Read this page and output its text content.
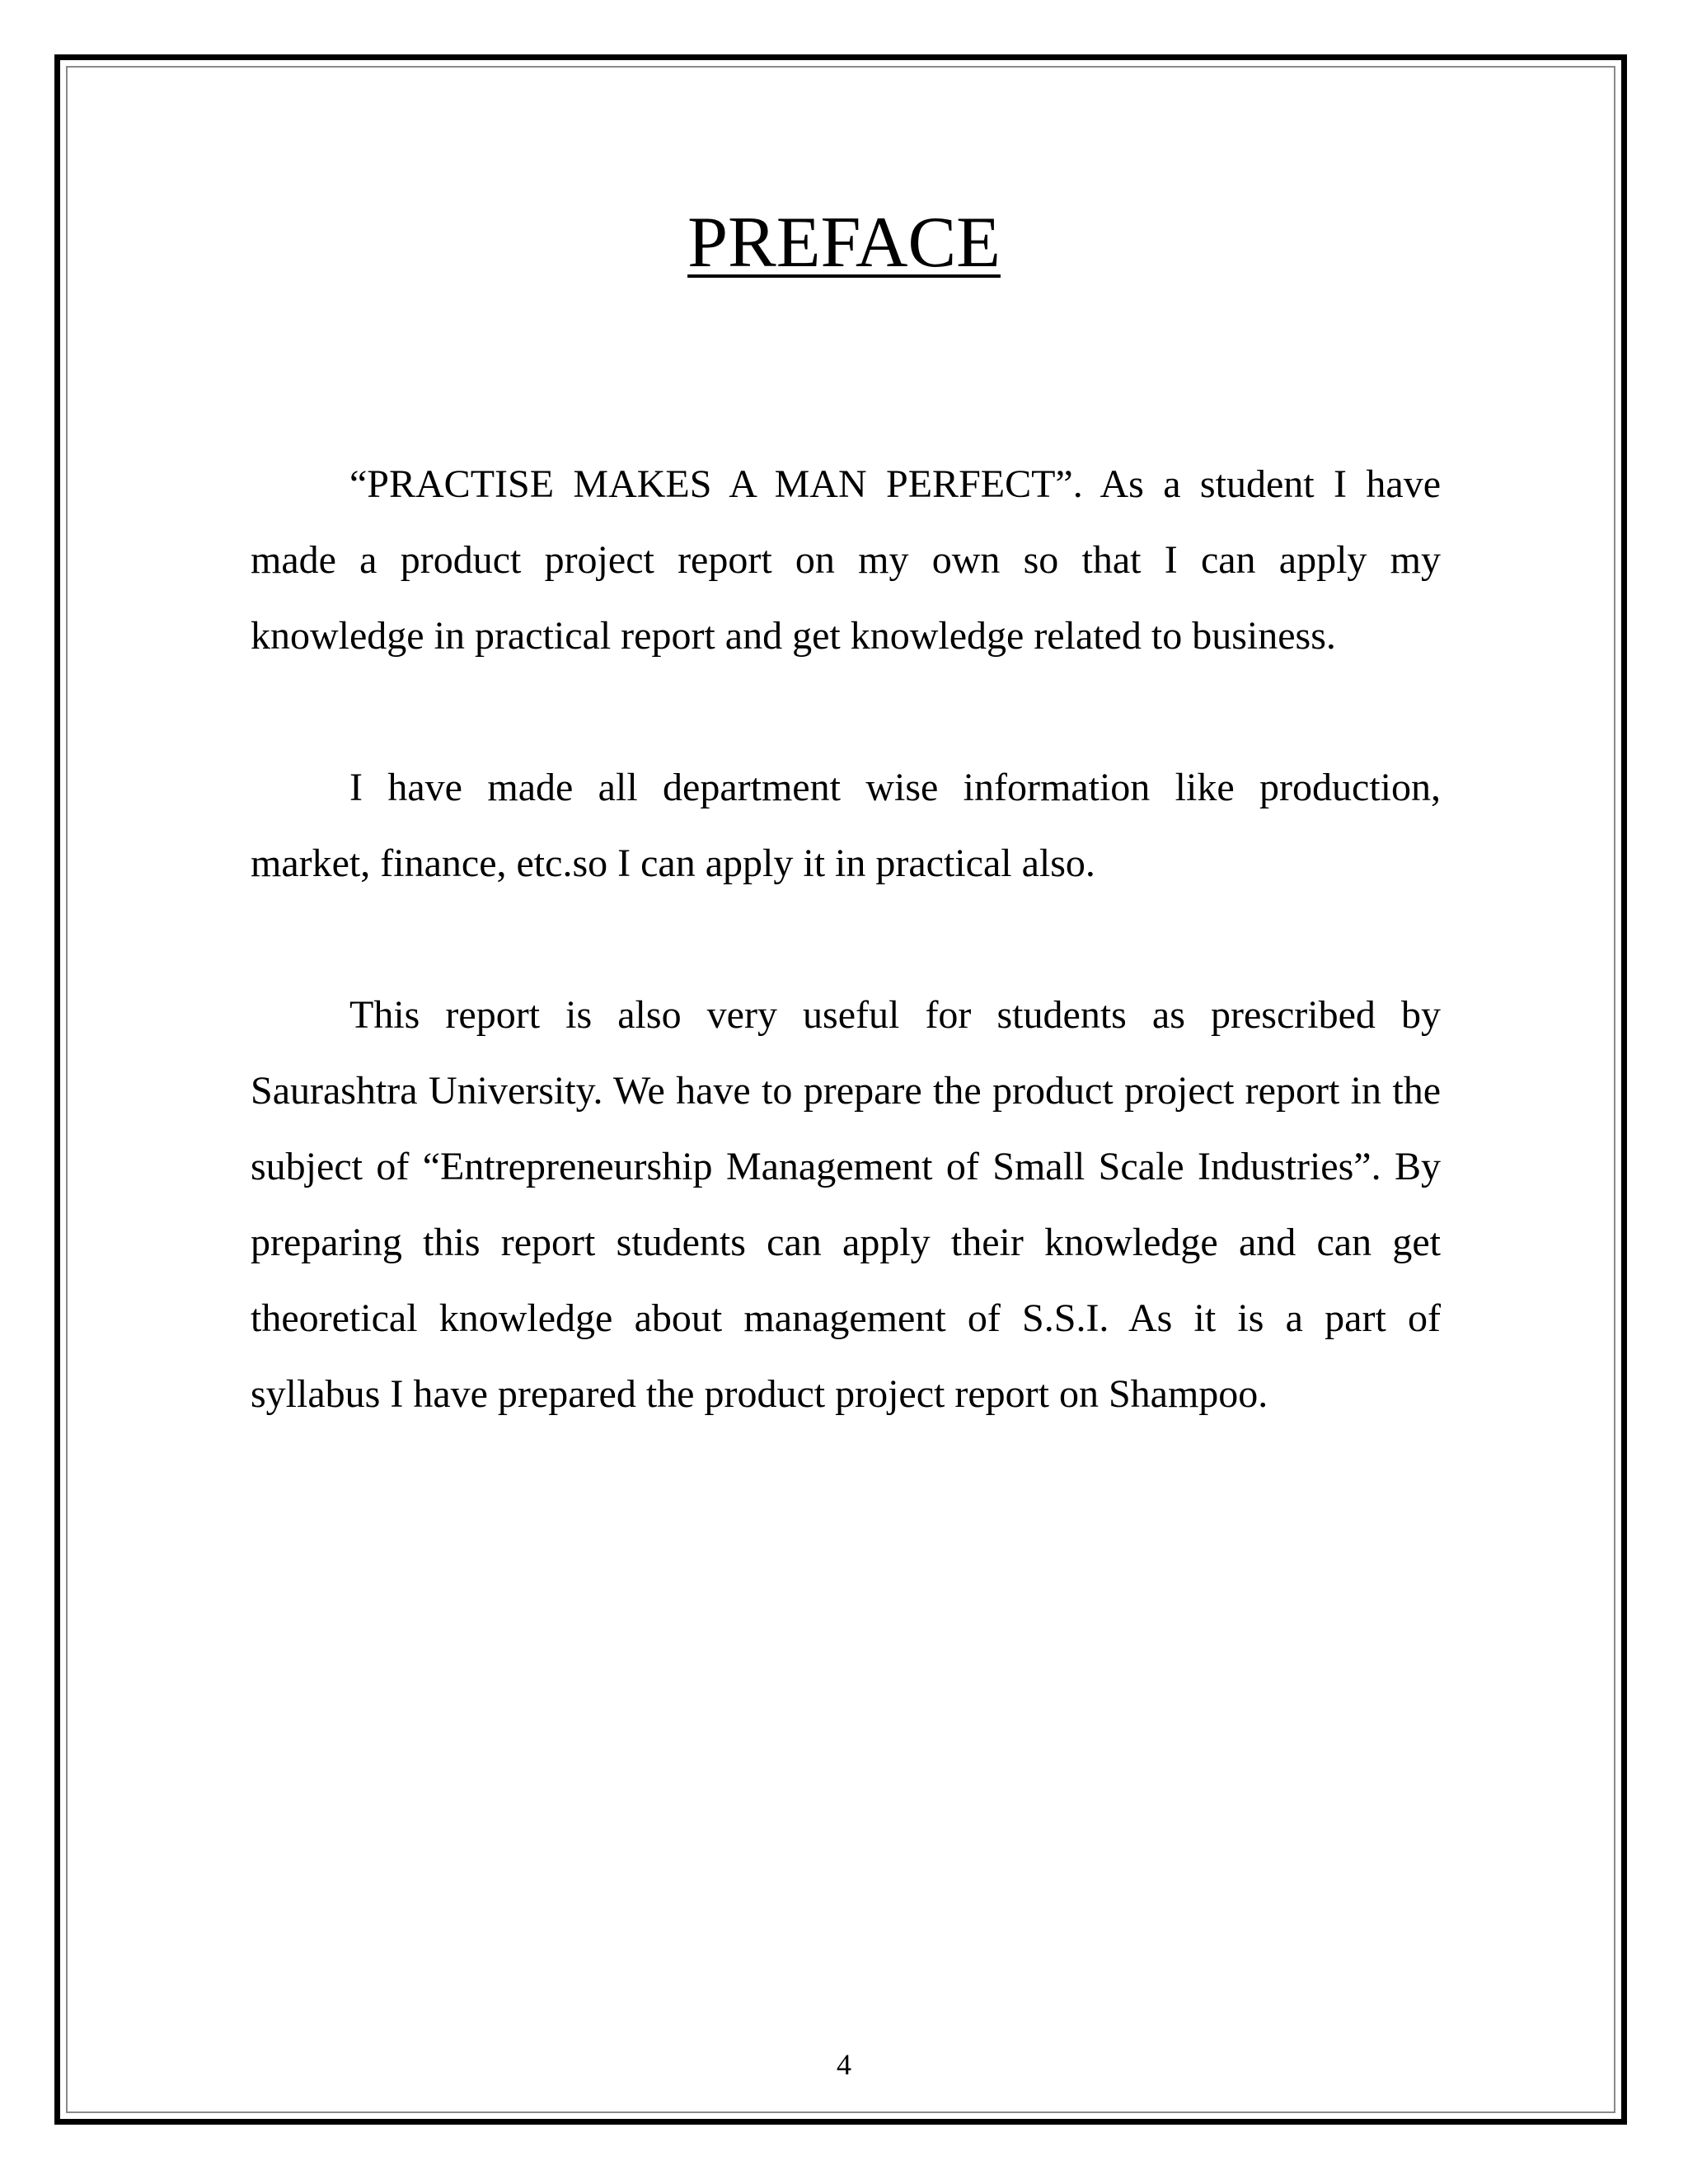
PREFACE

“PRACTISE MAKES A MAN PERFECT”. As a student I have made a product project report on my own so that I can apply my knowledge in practical report and get knowledge related to business.

I have made all department wise information like production, market, finance, etc.so I can apply it in practical also.

This report is also very useful for students as prescribed by Saurashtra University. We have to prepare the product project report in the subject of “Entrepreneurship Management of Small Scale Industries”. By preparing this report students can apply their knowledge and can get theoretical knowledge about management of S.S.I. As it is a part of syllabus I have prepared the product project report on Shampoo.

4
